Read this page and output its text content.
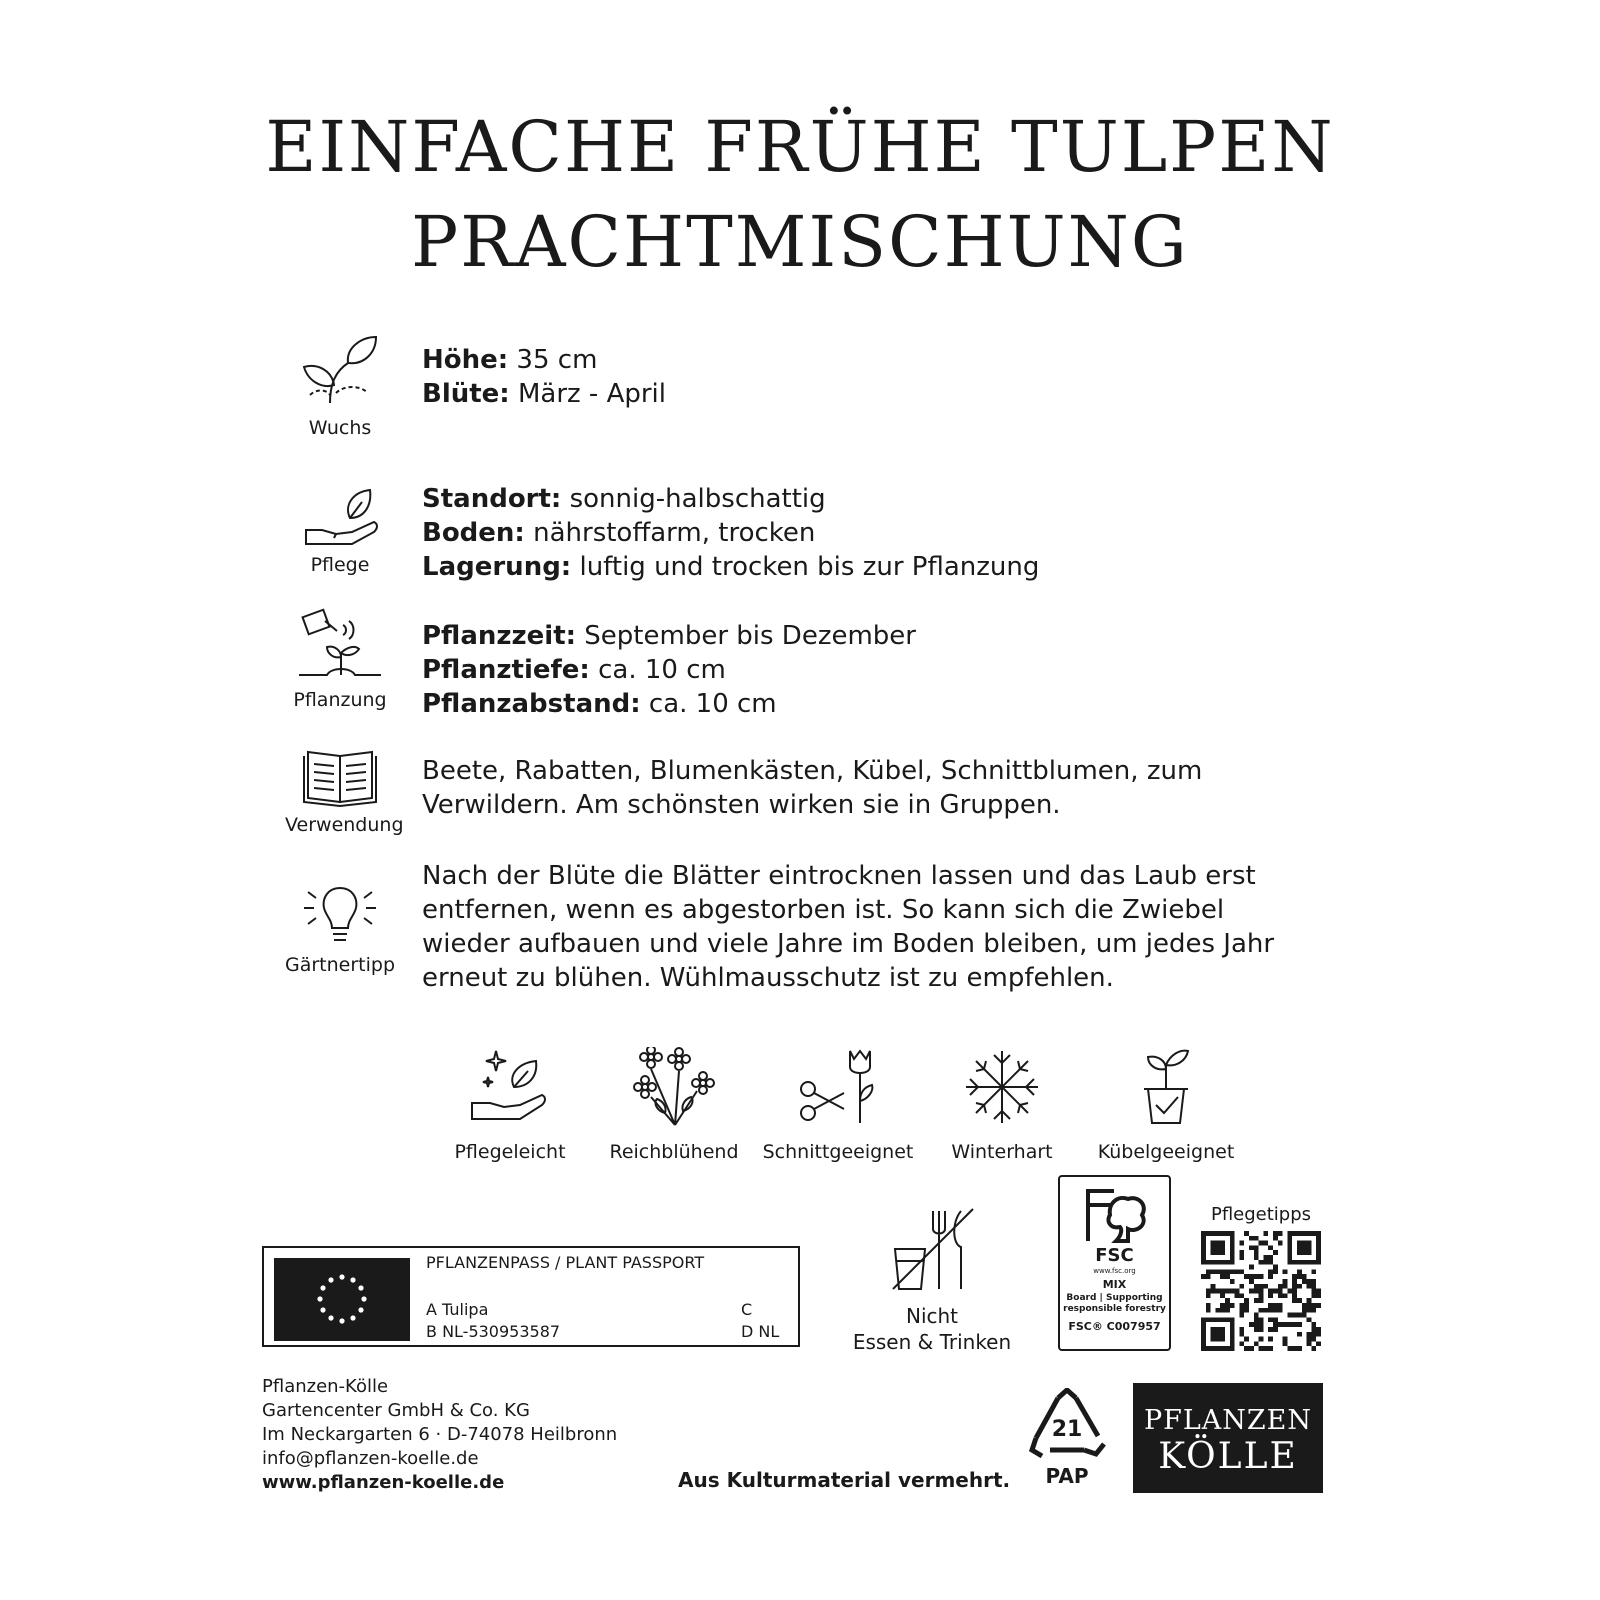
EINFACHE FRÜHE TULPEN
PRACHTMISCHUNG
Wuchs
Höhe: 35 cm
Blüte: März - April
Pflege
Standort: sonnig-halbschattig
Boden: nährstoffarm, trocken
Lagerung: luftig und trocken bis zur Pflanzung
Pflanzung
Pflanzzeit: September bis Dezember
Pflanztiefe: ca. 10 cm
Pflanzabstand: ca. 10 cm
Verwendung
Beete, Rabatten, Blumenkästen, Kübel, Schnittblumen, zum
Verwildern. Am schönsten wirken sie in Gruppen.
Gärtnertipp
Nach der Blüte die Blätter eintrocknen lassen und das Laub erst
entfernen, wenn es abgestorben ist. So kann sich die Zwiebel
wieder aufbauen und viele Jahre im Boden bleiben, um jedes Jahr
erneut zu blühen. Wühlmausschutz ist zu empfehlen.
Pflegeleicht	Reichblühend	Schnittgeeignet	Winterhart	Kübelgeeignet
PFLANZENPASS / PLANT PASSPORT
A Tulipa
B NL-530953587
C
D NL
Nicht
Essen & Trinken
FSC
www.fsc.org
MIX
Board | Supporting
responsible forestry
FSC® C007957
Pflegetipps
Pflanzen-Kölle
Gartencenter GmbH & Co. KG
Im Neckargarten 6 · D-74078 Heilbronn
info@pflanzen-koelle.de
www.pflanzen-koelle.de	Aus Kulturmaterial vermehrt.
21
PAP
PFLANZEN
KÖLLE
